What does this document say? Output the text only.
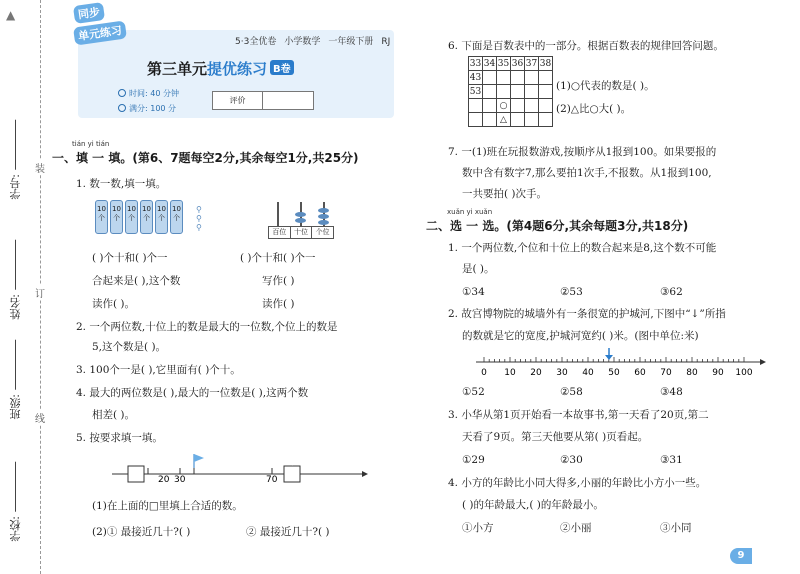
▲
学号:
姓名:
班级:
学校:
装
订
线
同步
单元练习	5·3全优卷 小学数学 一年级下册 RJ
第三单元提优练习 B卷
时间: 40 分钟
满分: 100 分
评价
tián yi tián
一、填 一 填。(第6、7题每空2分,其余每空1分,共25分)
1. 数一数,填一填。
10个
10个
10个
10个
10个
10个
⚲
⚲
⚲	百位	十位	个位
( )个十和( )个一
合起来是( ),这个数
读作( )。
( )个十和( )个一
写作( )
读作( )
2. 一个两位数,十位上的数是最大的一位数,个位上的数是
5,这个数是( )。
3. 100个一是( ),它里面有( )个十。
4. 最大的两位数是( ),最大的一位数是( ),这两个数
相差( )。
5. 按要求填一填。
20 30	70
(1)在上面的□里填上合适的数。
(2)① 最接近几十?( )	② 最接近几十?( )
6. 下面是百数表中的一部分。根据百数表的规律回答问题。
33	34	35	36	37	38
43					
53					
		○			
		△			
(1)○代表的数是( )。
(2)△比○大( )。
7. 一(1)班在玩报数游戏,按顺序从1报到100。如果要报的
数中含有数字7,那么要拍1次手,不报数。从1报到100,
一共要拍( )次手。
xuǎn yi xuǎn
二、选 一 选。(第4题6分,其余每题3分,共18分)
1. 一个两位数,个位和十位上的数合起来是8,这个数不可能
是( )。
①34	②53	③62
2. 故宫博物院的城墙外有一条很宽的护城河,下图中“↓”所指
的数就是它的宽度,护城河宽约( )米。(图中单位:米)
0 10 20 30 40 50 60 70 80 90 100
①52	②58	③48
3. 小华从第1页开始看一本故事书,第一天看了20页,第二
天看了9页。第三天他要从第( )页看起。
①29	②30	③31
4. 小方的年龄比小同大得多,小丽的年龄比小方小一些。
( )的年龄最大,( )的年龄最小。
①小方	②小丽	③小同
9
